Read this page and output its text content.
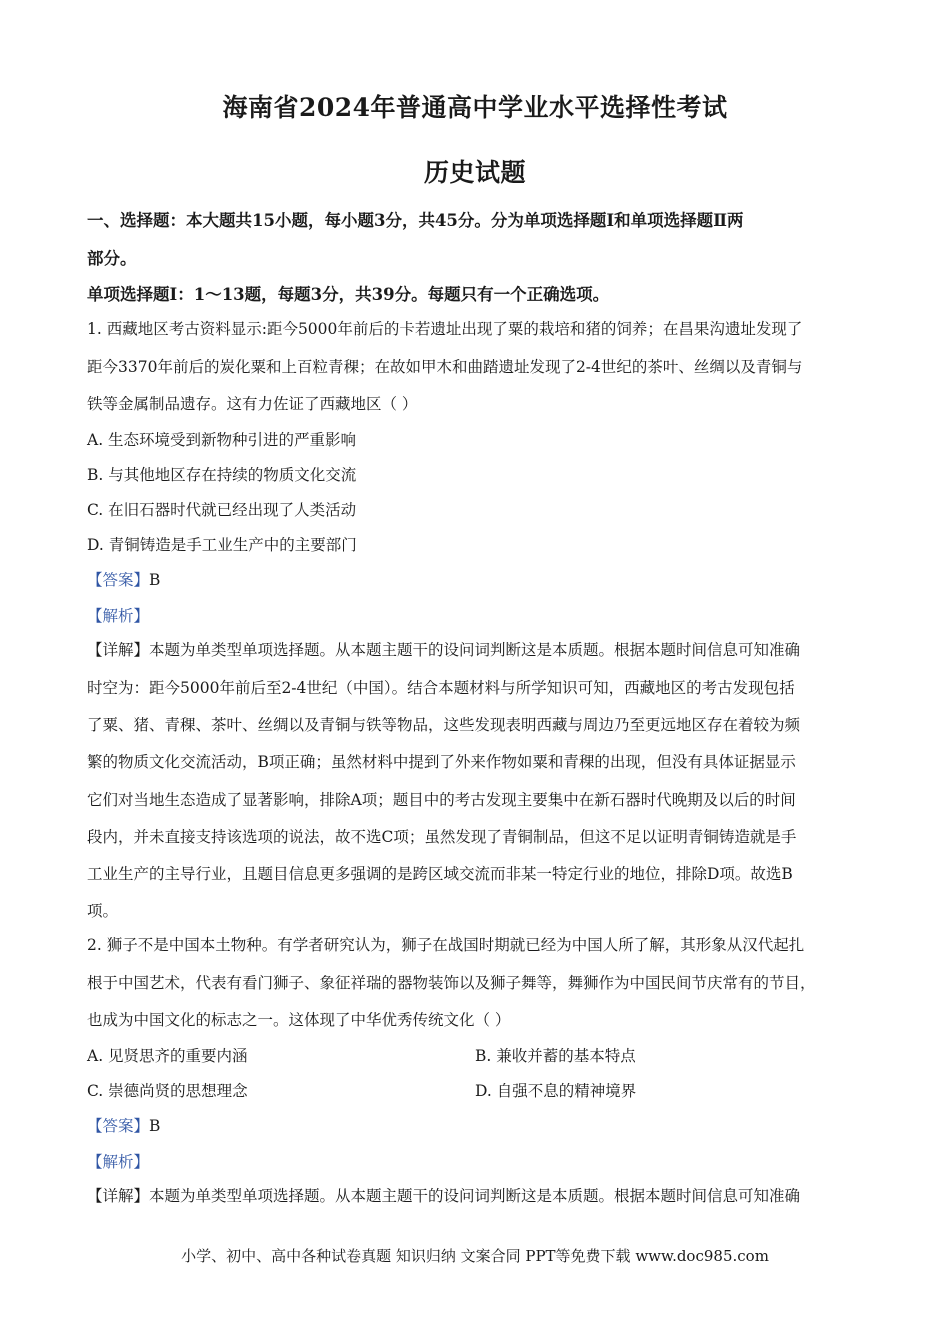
海南省2024年普通高中学业水平选择性考试
历史试题
一、选择题：本大题共15小题，每小题3分，共45分。分为单项选择题Ⅰ和单项选择题Ⅱ两
部分。
单项选择题Ⅰ：1～13题，每题3分，共39分。每题只有一个正确选项。
1. 西藏地区考古资料显示:距今5000年前后的卡若遗址出现了粟的栽培和猪的饲养；在昌果沟遗址发现了
距今3370年前后的炭化粟和上百粒青稞；在故如甲木和曲踏遗址发现了2-4世纪的茶叶、丝绸以及青铜与
铁等金属制品遗存。这有力佐证了西藏地区（ ）
A. 生态环境受到新物种引进的严重影响
B. 与其他地区存在持续的物质文化交流
C. 在旧石器时代就已经出现了人类活动
D. 青铜铸造是手工业生产中的主要部门
【答案】B
【解析】
【详解】本题为单类型单项选择题。从本题主题干的设问词判断这是本质题。根据本题时间信息可知准确
时空为：距今5000年前后至2-4世纪（中国）。结合本题材料与所学知识可知，西藏地区的考古发现包括
了粟、猪、青稞、茶叶、丝绸以及青铜与铁等物品，这些发现表明西藏与周边乃至更远地区存在着较为频
繁的物质文化交流活动，B项正确；虽然材料中提到了外来作物如粟和青稞的出现，但没有具体证据显示
它们对当地生态造成了显著影响，排除A项；题目中的考古发现主要集中在新石器时代晚期及以后的时间
段内，并未直接支持该选项的说法，故不选C项；虽然发现了青铜制品，但这不足以证明青铜铸造就是手
工业生产的主导行业，且题目信息更多强调的是跨区域交流而非某一特定行业的地位，排除D项。故选B
项。
2. 狮子不是中国本土物种。有学者研究认为，狮子在战国时期就已经为中国人所了解，其形象从汉代起扎
根于中国艺术，代表有看门狮子、象征祥瑞的器物装饰以及狮子舞等，舞狮作为中国民间节庆常有的节目，
也成为中国文化的标志之一。这体现了中华优秀传统文化（ ）
A. 见贤思齐的重要内涵	B. 兼收并蓄的基本特点
C. 崇德尚贤的思想理念	D. 自强不息的精神境界
【答案】B
【解析】
【详解】本题为单类型单项选择题。从本题主题干的设问词判断这是本质题。根据本题时间信息可知准确
小学、初中、高中各种试卷真题 知识归纳 文案合同 PPT等免费下载 www.doc985.com
